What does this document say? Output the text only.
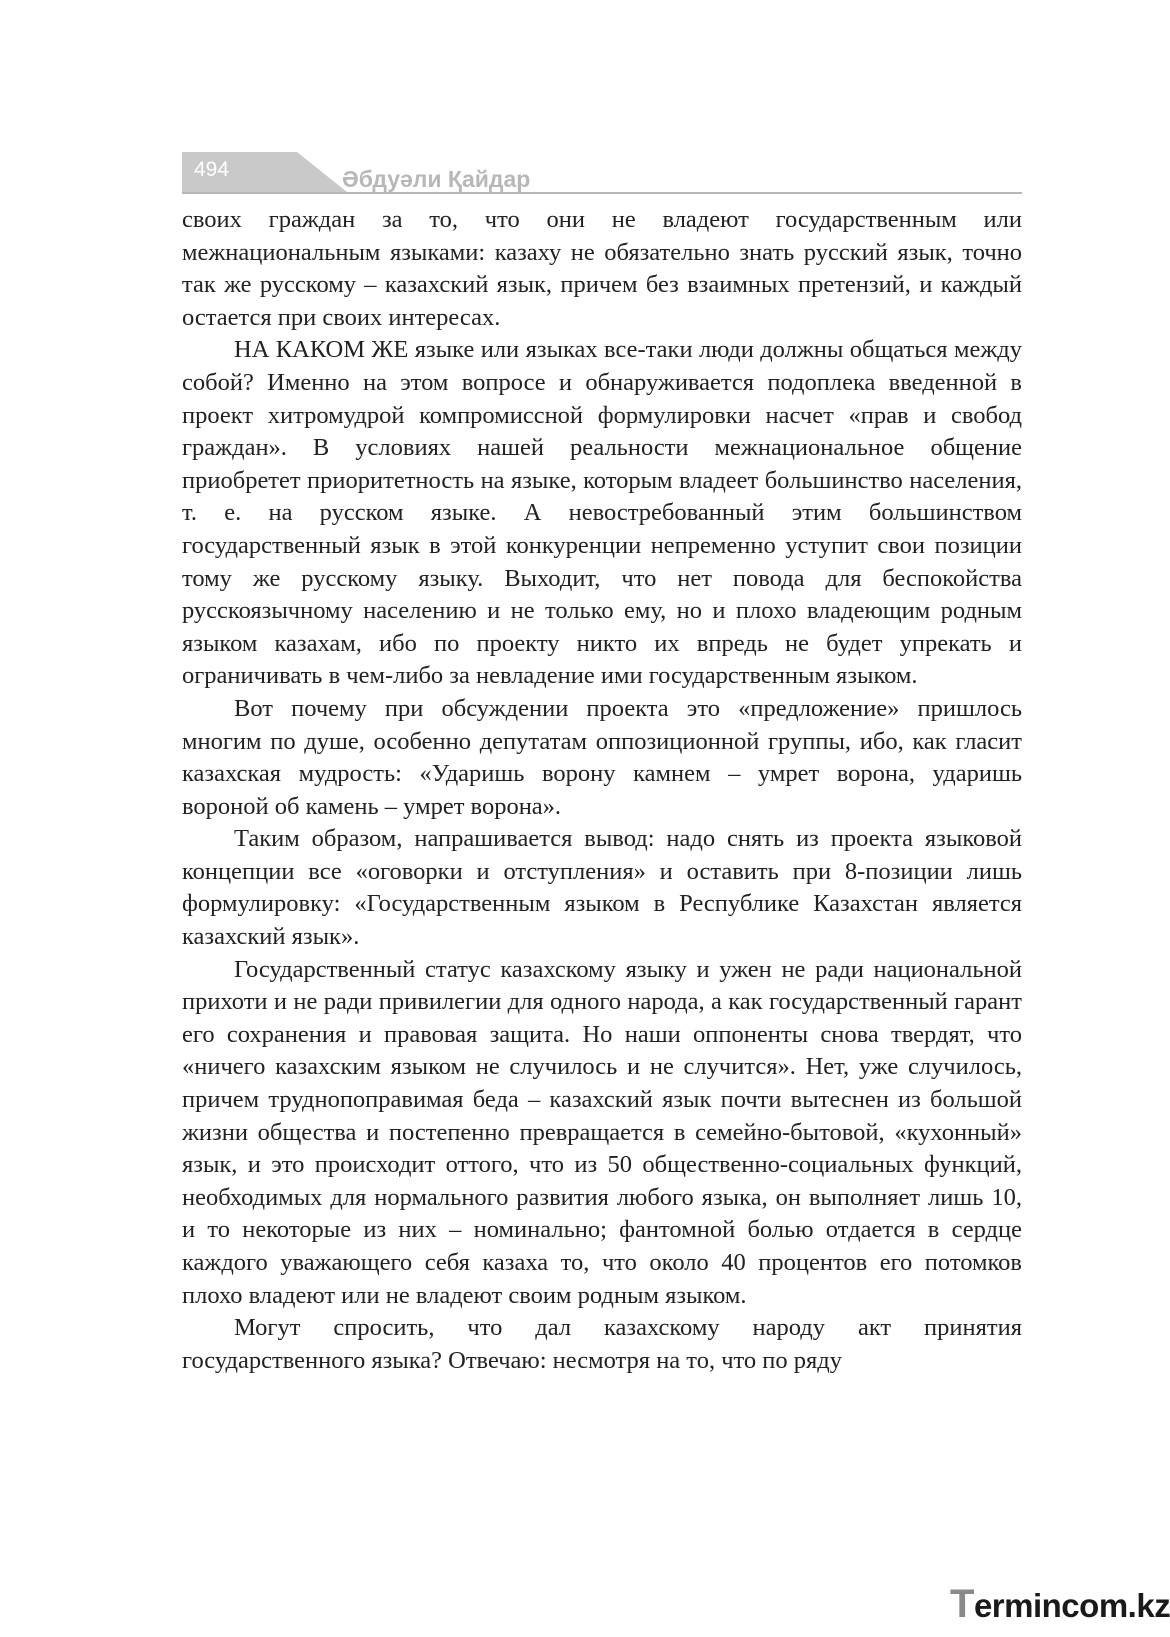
494	Әбдуәли Қайдар

своих граждан за то, что они не владеют государственным или межнациональным языками: казаху не обязательно знать русский язык, точно так же русскому – казахский язык, причем без взаимных претензий, и каждый остается при своих интересах.

НА КАКОМ ЖЕ языке или языках все-таки люди должны общаться между собой? Именно на этом вопросе и обнаруживается подоплека введенной в проект хитромудрой компромиссной формулировки насчет «прав и свобод граждан». В условиях нашей реальности межнациональное общение приобретет приоритетность на языке, которым владеет большинство населения, т. е. на русском языке. А невостребованный этим большинством государственный язык в этой конкуренции непременно уступит свои позиции тому же русскому языку. Выходит, что нет повода для беспокойства русскоязычному населению и не только ему, но и плохо владеющим родным языком казахам, ибо по проекту никто их впредь не будет упрекать и ограничивать в чем-либо за невладение ими государственным языком.

Вот почему при обсуждении проекта это «предложение» пришлось многим по душе, особенно депутатам оппозиционной группы, ибо, как гласит казахская мудрость: «Ударишь ворону камнем – умрет ворона, ударишь вороной об камень – умрет ворона».

Таким образом, напрашивается вывод: надо снять из проекта языковой концепции все «оговорки и отступления» и оставить при 8-позиции лишь формулировку: «Государственным языком в Республике Казахстан является казахский язык».

Государственный статус казахскому языку и ужен не ради национальной прихоти и не ради привилегии для одного народа, а как государственный гарант его сохранения и правовая защита. Но наши оппоненты снова твердят, что «ничего казахским языком не случилось и не случится». Нет, уже случилось, причем труднопоправимая беда – казахский язык почти вытеснен из большой жизни общества и постепенно превращается в семейно-бытовой, «кухонный» язык, и это происходит оттого, что из 50 общественно-социальных функций, необходимых для нормального развития любого языка, он выполняет лишь 10, и то некоторые из них – номинально; фантомной болью отдается в сердце каждого уважающего себя казаха то, что около 40 процентов его потомков плохо владеют или не владеют своим родным языком.

Могут спросить, что дал казахскому народу акт принятия государственного языка? Отвечаю: несмотря на то, что по ряду

Termincom.kz
